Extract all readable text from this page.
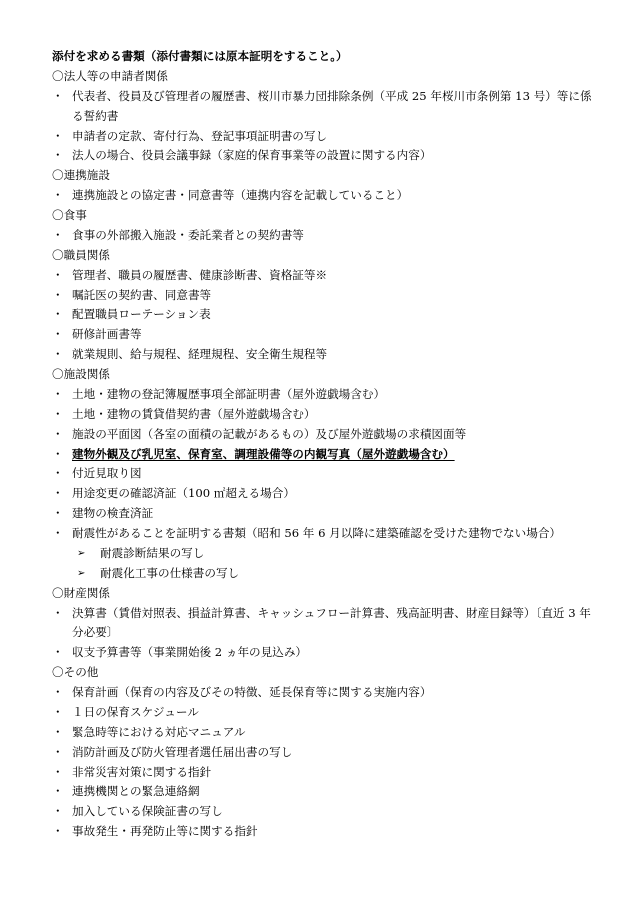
添付を求める書類（添付書類には原本証明をすること。）
〇法人等の申請者関係
・ 代表者、役員及び管理者の履歴書、桜川市暴力団排除条例（平成 25 年桜川市条例第 13 号）等に係る誓約書
・ 申請者の定款、寄付行為、登記事項証明書の写し
・ 法人の場合、役員会議事録（家庭的保育事業等の設置に関する内容）
〇連携施設
・ 連携施設との協定書・同意書等（連携内容を記載していること）
〇食事
・ 食事の外部搬入施設・委託業者との契約書等
〇職員関係
・ 管理者、職員の履歴書、健康診断書、資格証等※
・ 嘱託医の契約書、同意書等
・ 配置職員ローテーション表
・ 研修計画書等
・ 就業規則、給与規程、経理規程、安全衛生規程等
〇施設関係
・ 土地・建物の登記簿履歴事項全部証明書（屋外遊戯場含む）
・ 土地・建物の賃貸借契約書（屋外遊戯場含む）
・ 施設の平面図（各室の面積の記載があるもの）及び屋外遊戯場の求積図面等
・ 建物外観及び乳児室、保育室、調理設備等の内観写真（屋外遊戯場含む）
・ 付近見取り図
・ 用途変更の確認済証（100 ㎡超える場合）
・ 建物の検査済証
・ 耐震性があることを証明する書類（昭和 56 年 6 月以降に建築確認を受けた建物でない場合）
➢	耐震診断結果の写し
➢	耐震化工事の仕様書の写し
〇財産関係
・ 決算書（賃借対照表、損益計算書、キャッシュフロー計算書、残高証明書、財産目録等）〔直近 3 年分必要〕
・ 収支予算書等（事業開始後 2 ヵ年の見込み）
〇その他
・ 保育計画（保育の内容及びその特徴、延長保育等に関する実施内容）
・ １日の保育スケジュール
・ 緊急時等における対応マニュアル
・ 消防計画及び防火管理者選任届出書の写し
・ 非常災害対策に関する指針
・ 連携機関との緊急連絡網
・ 加入している保険証書の写し
・ 事故発生・再発防止等に関する指針
